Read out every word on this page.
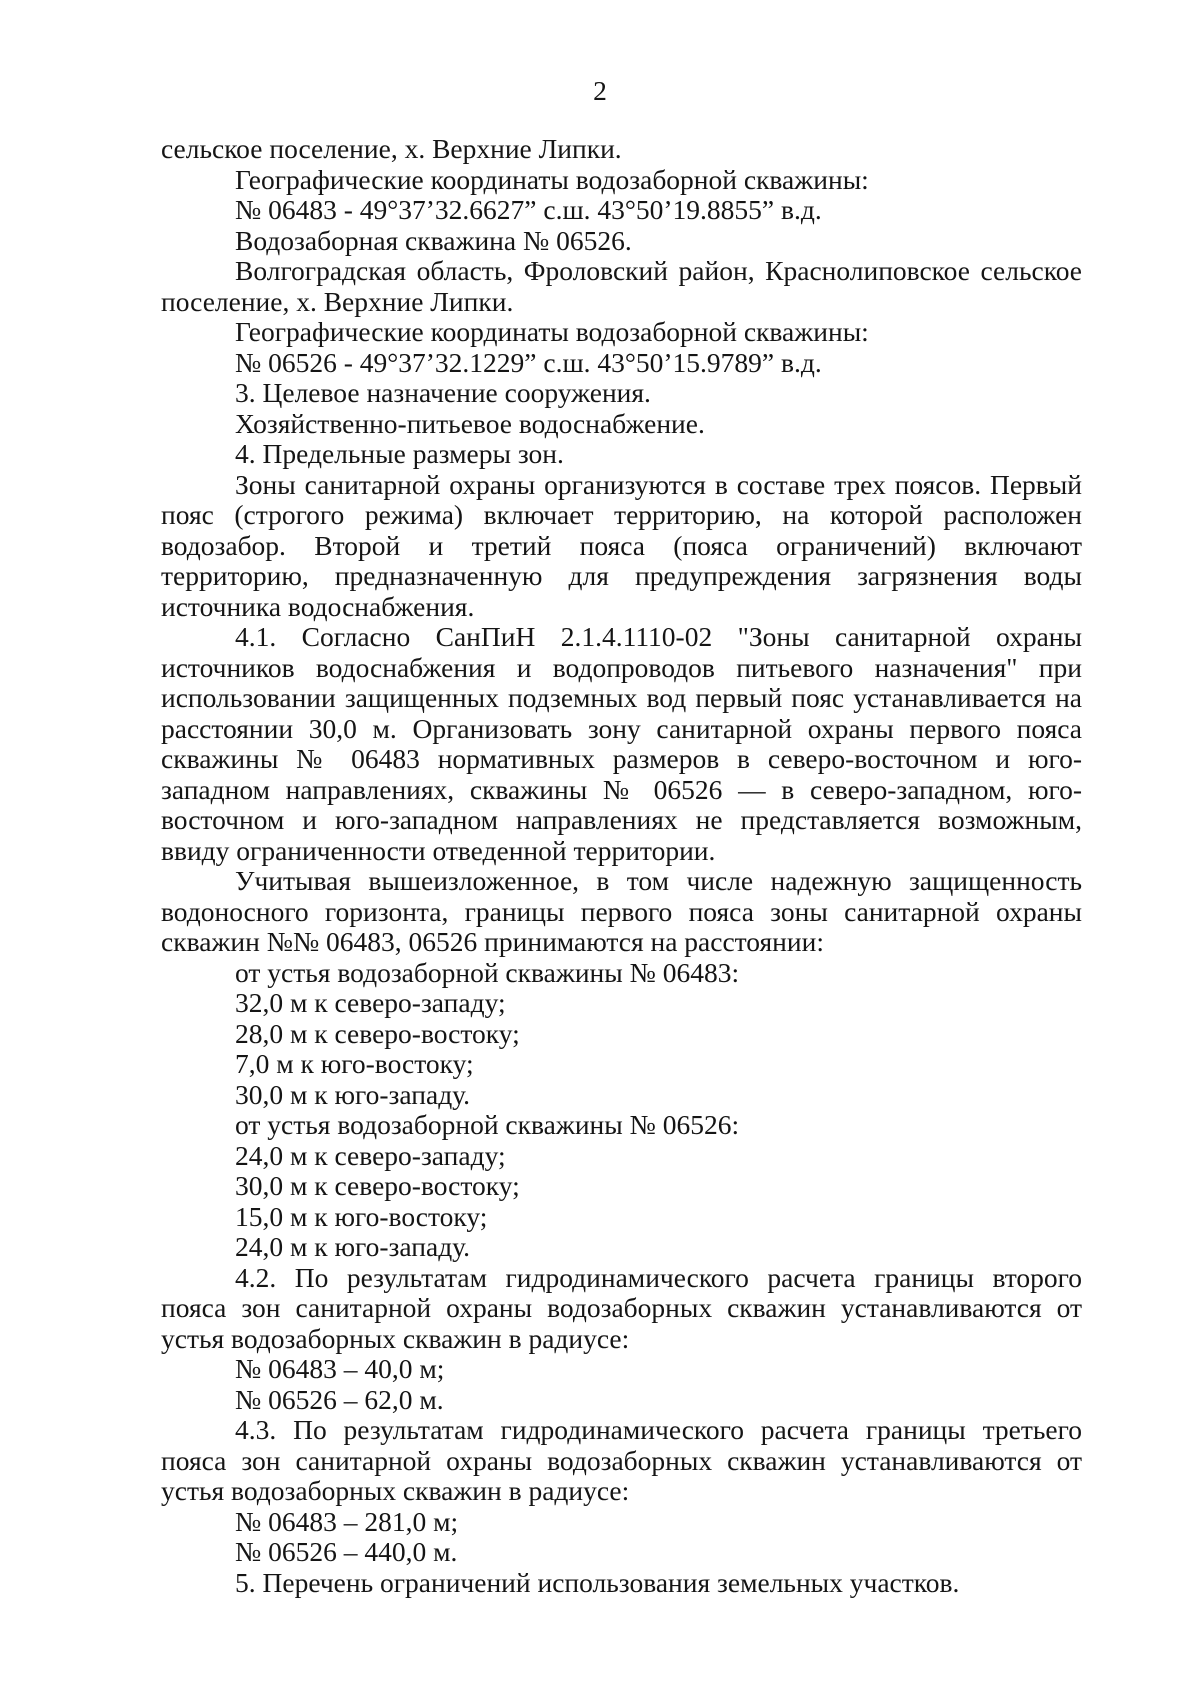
2

сельское поселение, х. Верхние Липки.

Географические координаты водозаборной скважины:

№ 06483 - 49°37’32.6627” с.ш. 43°50’19.8855” в.д.

Водозаборная скважина № 06526.

Волгоградская область, Фроловский район, Краснолиповское сельское поселение, х. Верхние Липки.

Географические координаты водозаборной скважины:

№ 06526 - 49°37’32.1229” с.ш. 43°50’15.9789” в.д.

3. Целевое назначение сооружения.

Хозяйственно-питьевое водоснабжение.

4. Предельные размеры зон.

Зоны санитарной охраны организуются в составе трех поясов. Первый пояс (строгого режима) включает территорию, на которой расположен водозабор. Второй и третий пояса (пояса ограничений) включают территорию, предназначенную для предупреждения загрязнения воды источника водоснабжения.

4.1. Согласно СанПиН 2.1.4.1110-02 "Зоны санитарной охраны источников водоснабжения и водопроводов питьевого назначения" при использовании защищенных подземных вод первый пояс устанавливается на расстоянии 30,0 м. Организовать зону санитарной охраны первого пояса скважины № 06483 нормативных размеров в северо-восточном и юго-западном направлениях, скважины № 06526 — в северо-западном, юго-восточном и юго-западном направлениях не представляется возможным, ввиду ограниченности отведенной территории.

Учитывая вышеизложенное, в том числе надежную защищенность водоносного горизонта, границы первого пояса зоны санитарной охраны скважин №№ 06483, 06526 принимаются на расстоянии:

от устья водозаборной скважины № 06483:

32,0 м к северо-западу;

28,0 м к северо-востоку;

7,0 м к юго-востоку;

30,0 м к юго-западу.

от устья водозаборной скважины № 06526:

24,0 м к северо-западу;

30,0 м к северо-востоку;

15,0 м к юго-востоку;

24,0 м к юго-западу.

4.2. По результатам гидродинамического расчета границы второго пояса зон санитарной охраны водозаборных скважин устанавливаются от устья водозаборных скважин в радиусе:

№ 06483 – 40,0 м;

№ 06526 – 62,0 м.

4.3. По результатам гидродинамического расчета границы третьего пояса зон санитарной охраны водозаборных скважин устанавливаются от устья водозаборных скважин в радиусе:

№ 06483 – 281,0 м;

№ 06526 – 440,0 м.

5. Перечень ограничений использования земельных участков.
